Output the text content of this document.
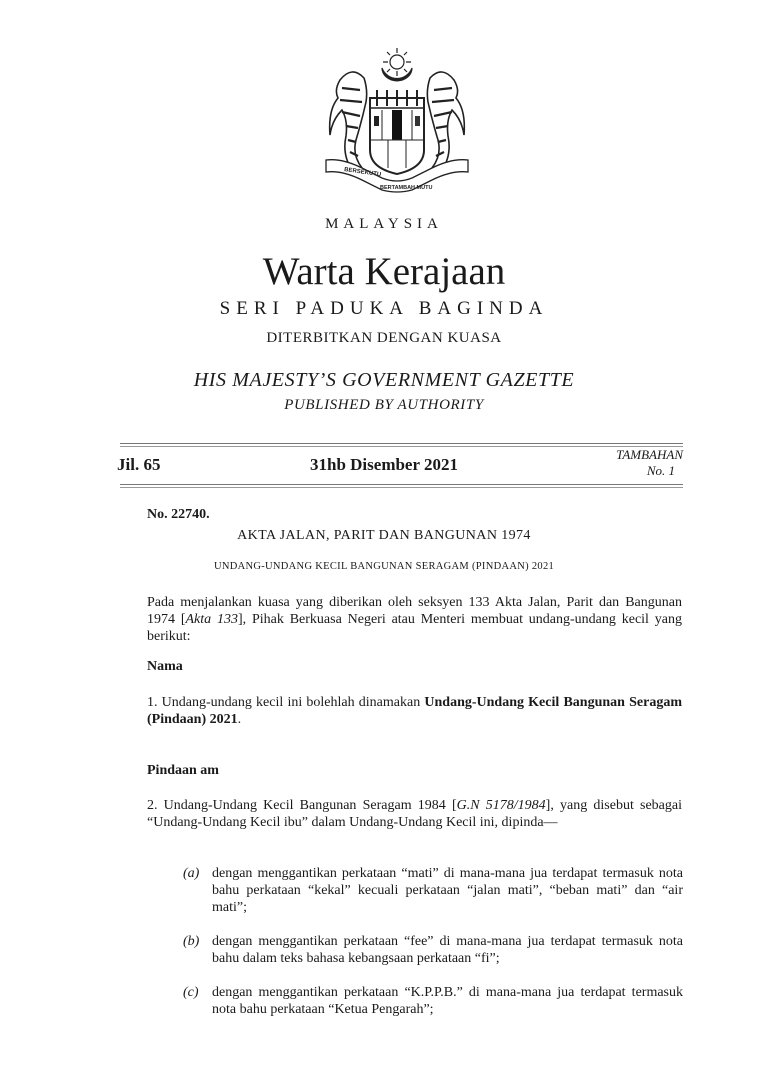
BERSEKUTU
BERTAMBAH MUTU
MALAYSIA
Warta Kerajaan
SERI PADUKA BAGINDA
DITERBITKAN DENGAN KUASA
HIS MAJESTY’S GOVERNMENT GAZETTE
PUBLISHED BY AUTHORITY
Jil. 65	31hb Disember 2021
TAMBAHAN
No. 1
No. 22740.
AKTA JALAN, PARIT DAN BANGUNAN 1974
UNDANG-UNDANG KECIL BANGUNAN SERAGAM (PINDAAN) 2021
Pada menjalankan kuasa yang diberikan oleh seksyen 133 Akta Jalan, Parit dan Bangunan 1974 [Akta 133], Pihak Berkuasa Negeri atau Menteri membuat undang-undang kecil yang berikut:
Nama
1. Undang-undang kecil ini bolehlah dinamakan Undang-Undang Kecil Bangunan Seragam (Pindaan) 2021.
Pindaan am
2. Undang-Undang Kecil Bangunan Seragam 1984 [G.N 5178/1984], yang disebut sebagai “Undang-Undang Kecil ibu” dalam Undang-Undang Kecil ini, dipinda—
(a) dengan menggantikan perkataan “mati” di mana-mana jua terdapat termasuk nota bahu perkataan “kekal” kecuali perkataan “jalan mati”, “beban mati” dan “air mati”;
(b) dengan menggantikan perkataan “fee” di mana-mana jua terdapat termasuk nota bahu dalam teks bahasa kebangsaan perkataan “fi”;
(c) dengan menggantikan perkataan “K.P.P.B.” di mana-mana jua terdapat termasuk nota bahu perkataan “Ketua Pengarah”;
